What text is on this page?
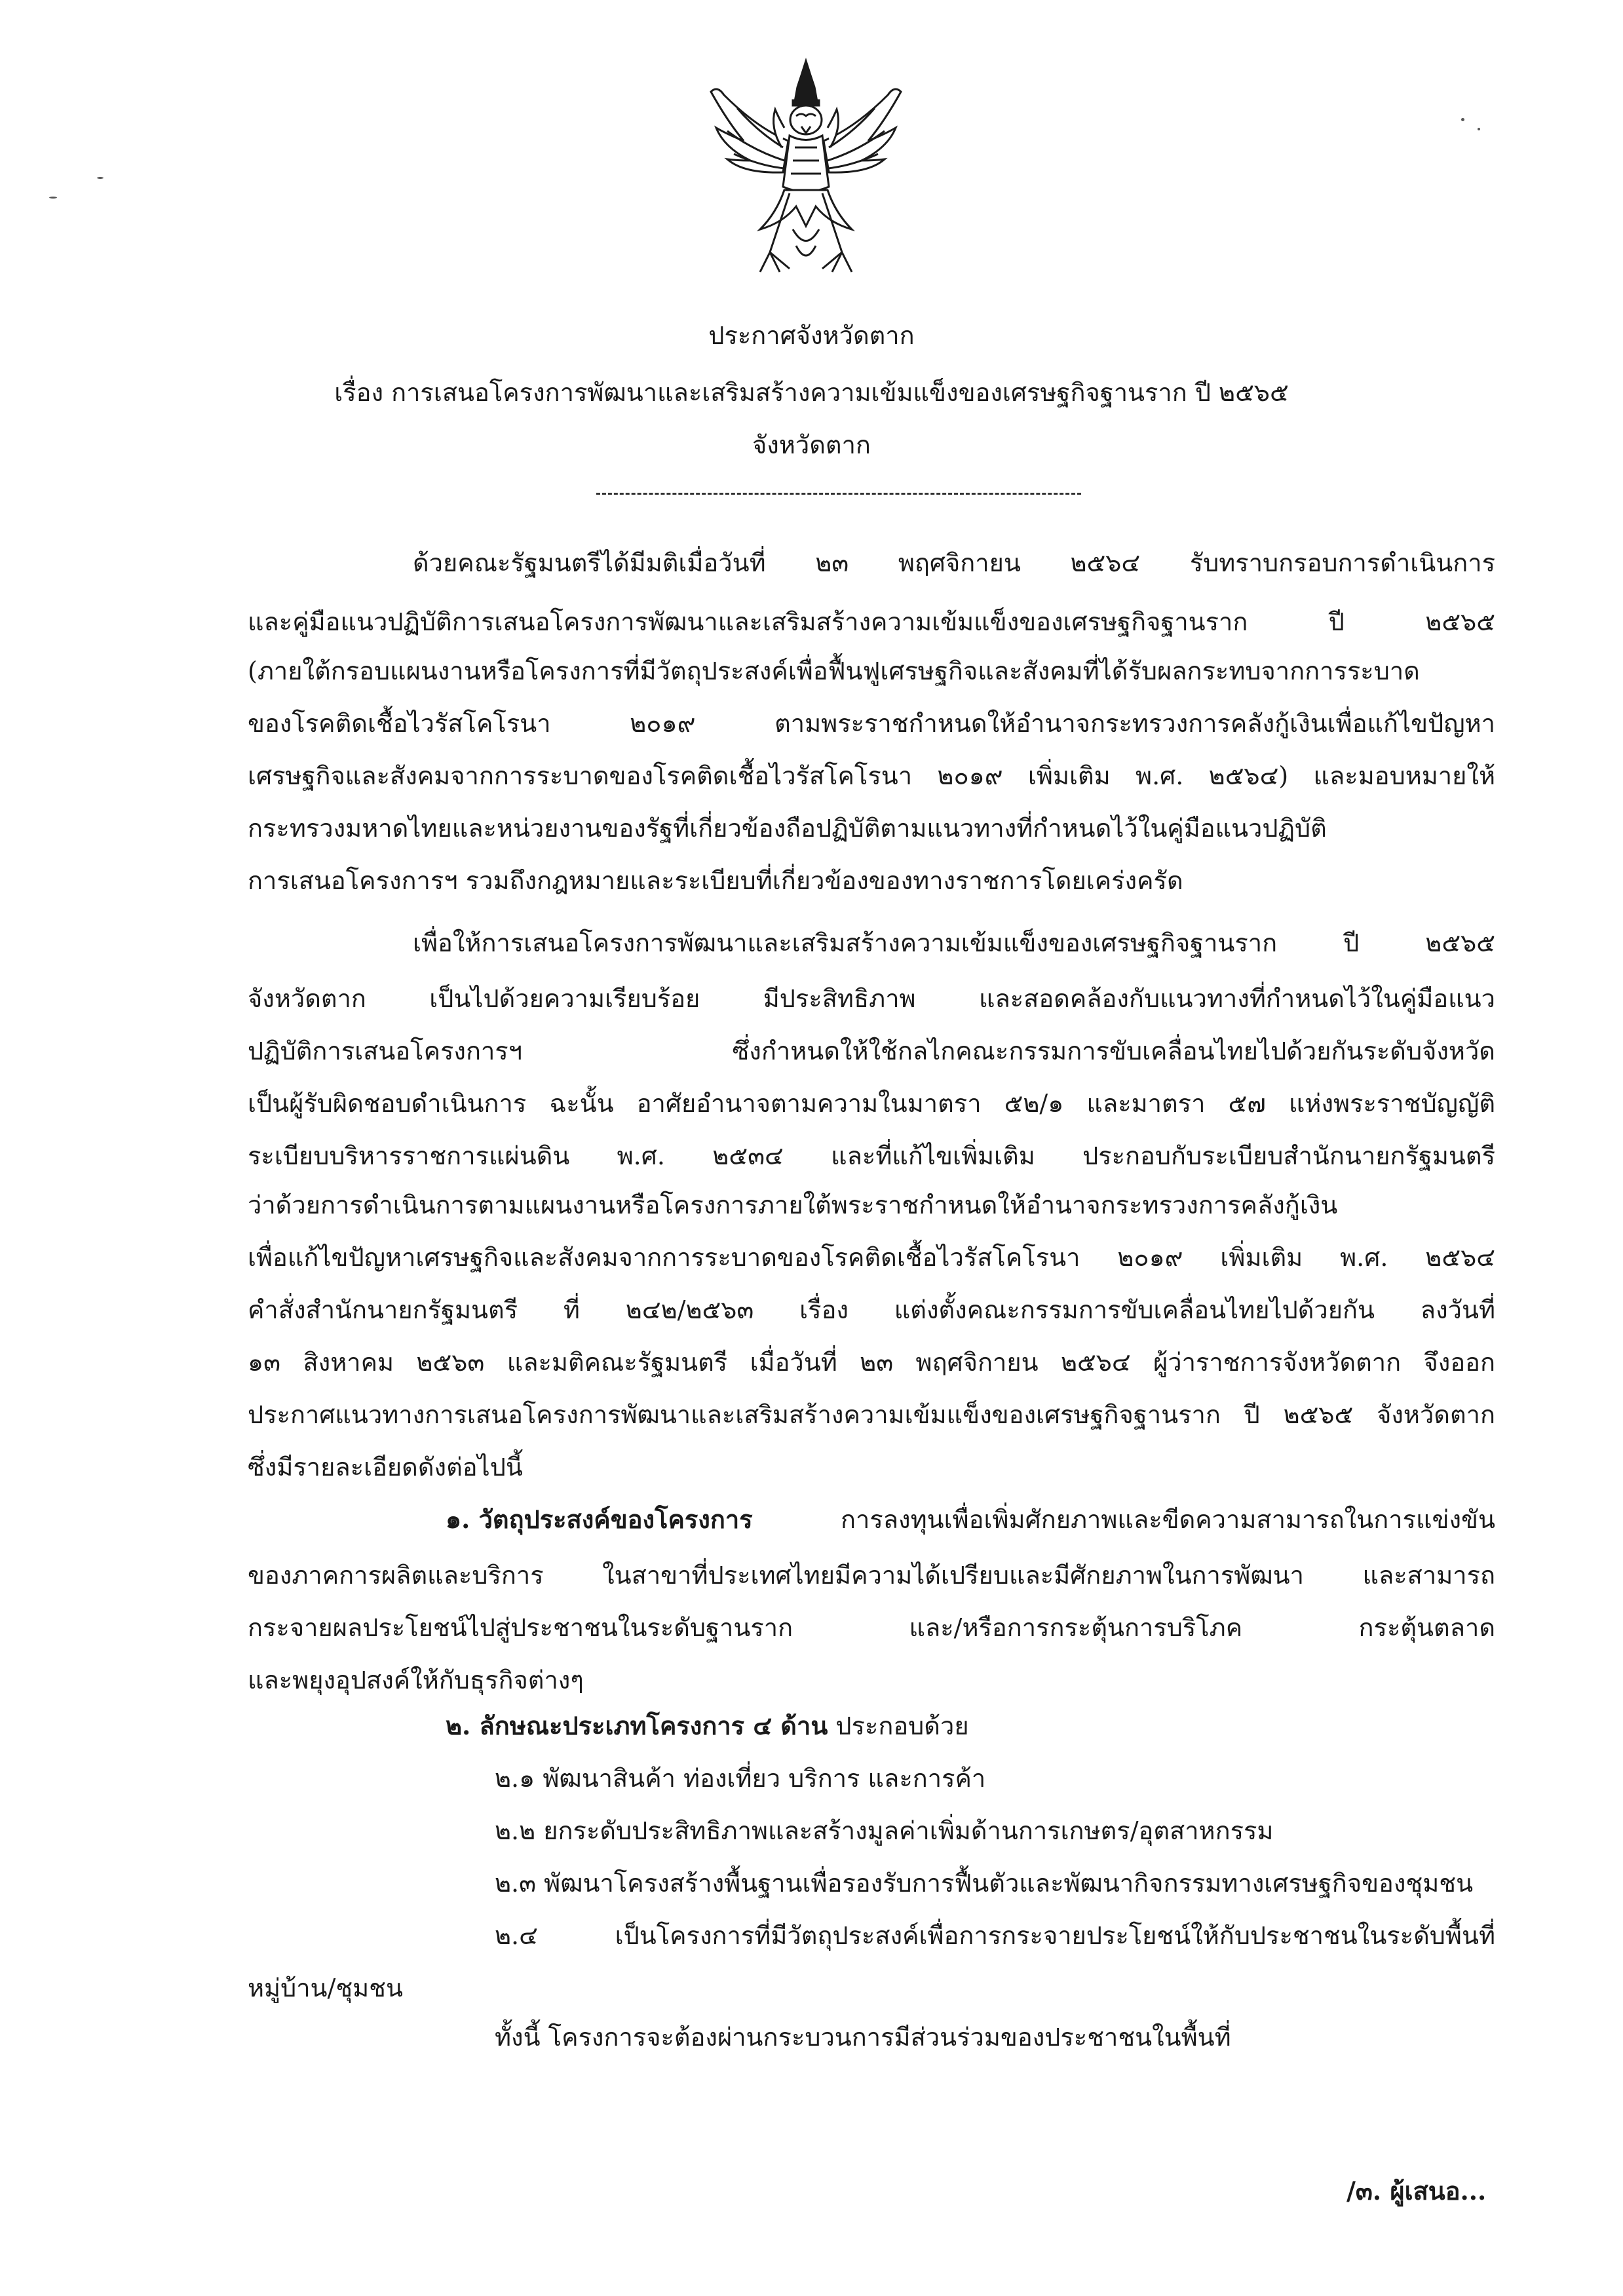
ประกาศจังหวัดตาก
เรื่อง การเสนอโครงการพัฒนาและเสริมสร้างความเข้มแข็งของเศรษฐกิจฐานราก ปี ๒๕๖๕
จังหวัดตาก
ด้วยคณะรัฐมนตรีได้มีมติเมื่อวันที่ ๒๓ พฤศจิกายน ๒๕๖๔ รับทราบกรอบการดำเนินการ
และคู่มือแนวปฏิบัติการเสนอโครงการพัฒนาและเสริมสร้างความเข้มแข็งของเศรษฐกิจฐานราก ปี ๒๕๖๕
(ภายใต้กรอบแผนงานหรือโครงการที่มีวัตถุประสงค์เพื่อฟื้นฟูเศรษฐกิจและสังคมที่ได้รับผลกระทบจากการระบาด
ของโรคติดเชื้อไวรัสโคโรนา ๒๐๑๙ ตามพระราชกำหนดให้อำนาจกระทรวงการคลังกู้เงินเพื่อแก้ไขปัญหา
เศรษฐกิจและสังคมจากการระบาดของโรคติดเชื้อไวรัสโคโรนา ๒๐๑๙ เพิ่มเติม พ.ศ. ๒๕๖๔) และมอบหมายให้
กระทรวงมหาดไทยและหน่วยงานของรัฐที่เกี่ยวข้องถือปฏิบัติตามแนวทางที่กำหนดไว้ในคู่มือแนวปฏิบัติ
การเสนอโครงการฯ รวมถึงกฎหมายและระเบียบที่เกี่ยวข้องของทางราชการโดยเคร่งครัด
เพื่อให้การเสนอโครงการพัฒนาและเสริมสร้างความเข้มแข็งของเศรษฐกิจฐานราก ปี ๒๕๖๕
จังหวัดตาก เป็นไปด้วยความเรียบร้อย มีประสิทธิภาพ และสอดคล้องกับแนวทางที่กำหนดไว้ในคู่มือแนว
ปฏิบัติการเสนอโครงการฯ ซึ่งกำหนดให้ใช้กลไกคณะกรรมการขับเคลื่อนไทยไปด้วยกันระดับจังหวัด
เป็นผู้รับผิดชอบดำเนินการ ฉะนั้น อาศัยอำนาจตามความในมาตรา ๕๒/๑ และมาตรา ๕๗ แห่งพระราชบัญญัติ
ระเบียบบริหารราชการแผ่นดิน พ.ศ. ๒๕๓๔ และที่แก้ไขเพิ่มเติม ประกอบกับระเบียบสำนักนายกรัฐมนตรี
ว่าด้วยการดำเนินการตามแผนงานหรือโครงการภายใต้พระราชกำหนดให้อำนาจกระทรวงการคลังกู้เงิน
เพื่อแก้ไขปัญหาเศรษฐกิจและสังคมจากการระบาดของโรคติดเชื้อไวรัสโคโรนา ๒๐๑๙ เพิ่มเติม พ.ศ. ๒๕๖๔
คำสั่งสำนักนายกรัฐมนตรี ที่ ๒๔๒/๒๕๖๓ เรื่อง แต่งตั้งคณะกรรมการขับเคลื่อนไทยไปด้วยกัน ลงวันที่
๑๓ สิงหาคม ๒๕๖๓ และมติคณะรัฐมนตรี เมื่อวันที่ ๒๓ พฤศจิกายน ๒๕๖๔ ผู้ว่าราชการจังหวัดตาก จึงออก
ประกาศแนวทางการเสนอโครงการพัฒนาและเสริมสร้างความเข้มแข็งของเศรษฐกิจฐานราก ปี ๒๕๖๕ จังหวัดตาก
ซึ่งมีรายละเอียดดังต่อไปนี้
๑. วัตถุประสงค์ของโครงการ	การลงทุนเพื่อเพิ่มศักยภาพและขีดความสามารถในการแข่งขัน
ของภาคการผลิตและบริการ ในสาขาที่ประเทศไทยมีความได้เปรียบและมีศักยภาพในการพัฒนา และสามารถ
กระจายผลประโยชน์ไปสู่ประชาชนในระดับฐานราก และ/หรือการกระตุ้นการบริโภค กระตุ้นตลาด
และพยุงอุปสงค์ให้กับธุรกิจต่างๆ
๒. ลักษณะประเภทโครงการ ๔ ด้าน ประกอบด้วย
๒.๑ พัฒนาสินค้า ท่องเที่ยว บริการ และการค้า
๒.๒ ยกระดับประสิทธิภาพและสร้างมูลค่าเพิ่มด้านการเกษตร/อุตสาหกรรม
๒.๓ พัฒนาโครงสร้างพื้นฐานเพื่อรองรับการฟื้นตัวและพัฒนากิจกรรมทางเศรษฐกิจของชุมชน
๒.๔ เป็นโครงการที่มีวัตถุประสงค์เพื่อการกระจายประโยชน์ให้กับประชาชนในระดับพื้นที่
หมู่บ้าน/ชุมชน
ทั้งนี้ โครงการจะต้องผ่านกระบวนการมีส่วนร่วมของประชาชนในพื้นที่
/๓. ผู้เสนอ...
